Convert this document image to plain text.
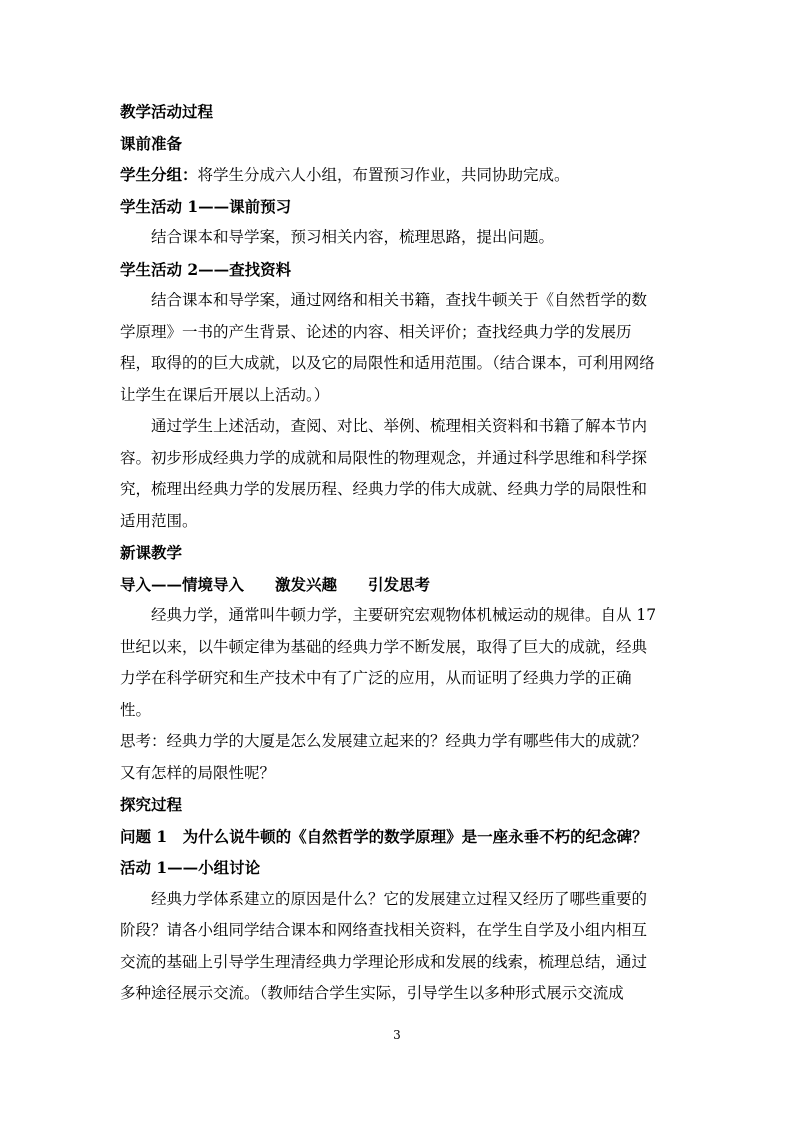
教学活动过程
课前准备
学生分组：将学生分成六人小组，布置预习作业，共同协助完成。
学生活动 1——课前预习
结合课本和导学案，预习相关内容，梳理思路，提出问题。
学生活动 2——查找资料
结合课本和导学案，通过网络和相关书籍，查找牛顿关于《自然哲学的数
学原理》一书的产生背景、论述的内容、相关评价；查找经典力学的发展历
程，取得的的巨大成就，以及它的局限性和适用范围。（结合课本，可利用网络
让学生在课后开展以上活动。）
通过学生上述活动，查阅、对比、举例、梳理相关资料和书籍了解本节内
容。初步形成经典力学的成就和局限性的物理观念，并通过科学思维和科学探
究，梳理出经典力学的发展历程、经典力学的伟大成就、经典力学的局限性和
适用范围。
新课教学
导入——情境导入　　激发兴趣　　引发思考
经典力学，通常叫牛顿力学，主要研究宏观物体机械运动的规律。自从 17
世纪以来，以牛顿定律为基础的经典力学不断发展，取得了巨大的成就，经典
力学在科学研究和生产技术中有了广泛的应用，从而证明了经典力学的正确
性。
思考：经典力学的大厦是怎么发展建立起来的？经典力学有哪些伟大的成就？
又有怎样的局限性呢？
探究过程
问题 1　为什么说牛顿的《自然哲学的数学原理》是一座永垂不朽的纪念碑？
活动 1——小组讨论
经典力学体系建立的原因是什么？它的发展建立过程又经历了哪些重要的
阶段？请各小组同学结合课本和网络查找相关资料，在学生自学及小组内相互
交流的基础上引导学生理清经典力学理论形成和发展的线索，梳理总结，通过
多种途径展示交流。（教师结合学生实际，引导学生以多种形式展示交流成
3
